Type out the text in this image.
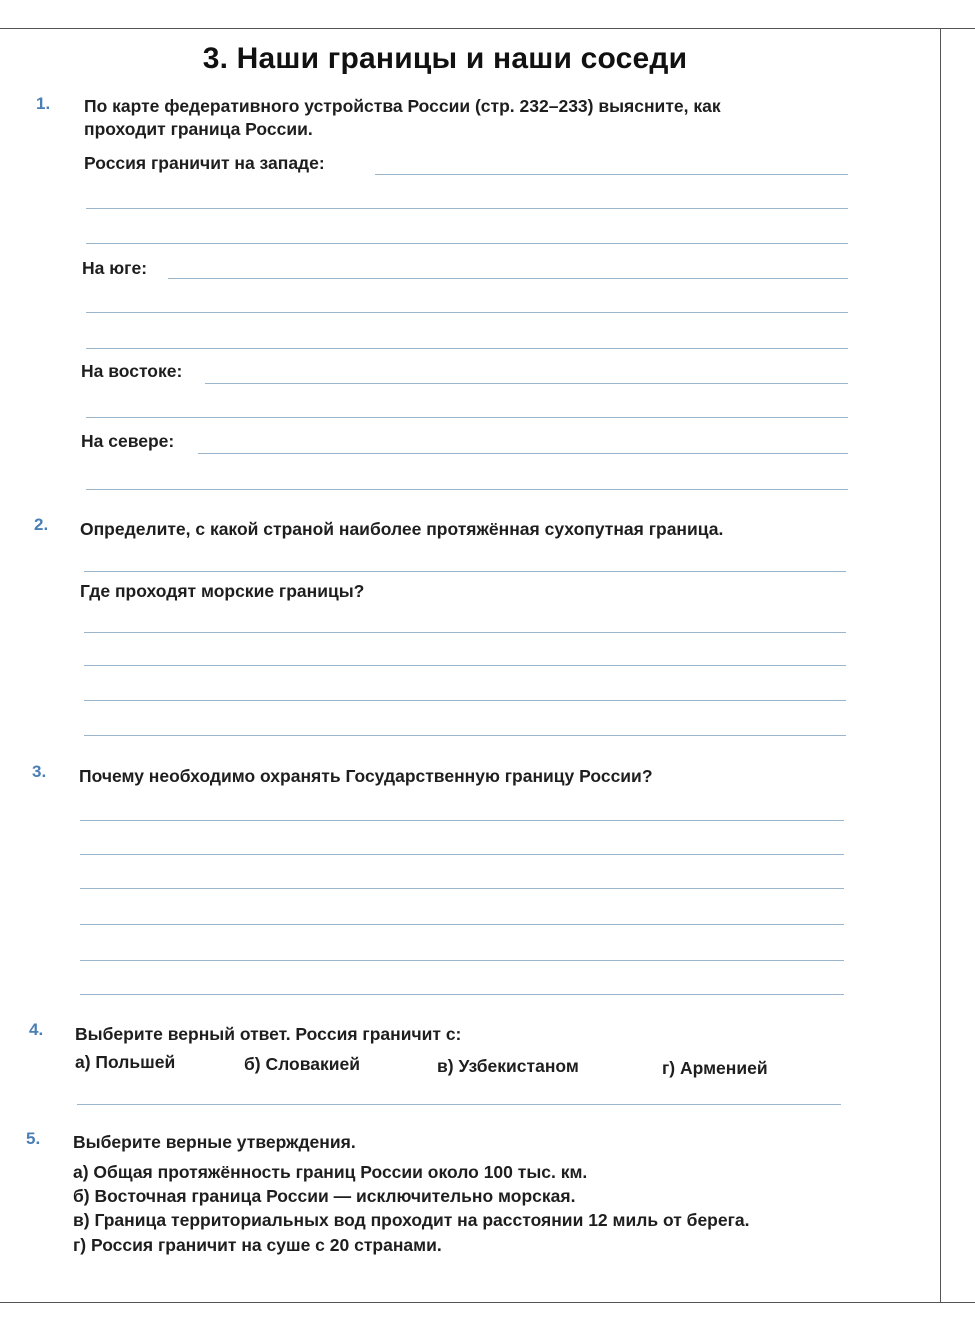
3. Наши границы и наши соседи
1. По карте федеративного устройства России (стр. 232–233) выясните, как
проходит граница России.
Россия граничит на западе:
На юге:
На востоке:
На севере:
2. Определите, с какой страной наиболее протяжённая сухопутная граница.
Где проходят морские границы?
3. Почему необходимо охранять Государственную границу России?
4. Выберите верный ответ. Россия граничит с:
а) Польшей	б) Словакией	в) Узбекистаном	г) Арменией
5. Выберите верные утверждения.
а) Общая протяжённость границ России около 100 тыс. км.
б) Восточная граница России — исключительно морская.
в) Граница территориальных вод проходит на расстоянии 12 миль от берега.
г) Россия граничит на суше с 20 странами.
